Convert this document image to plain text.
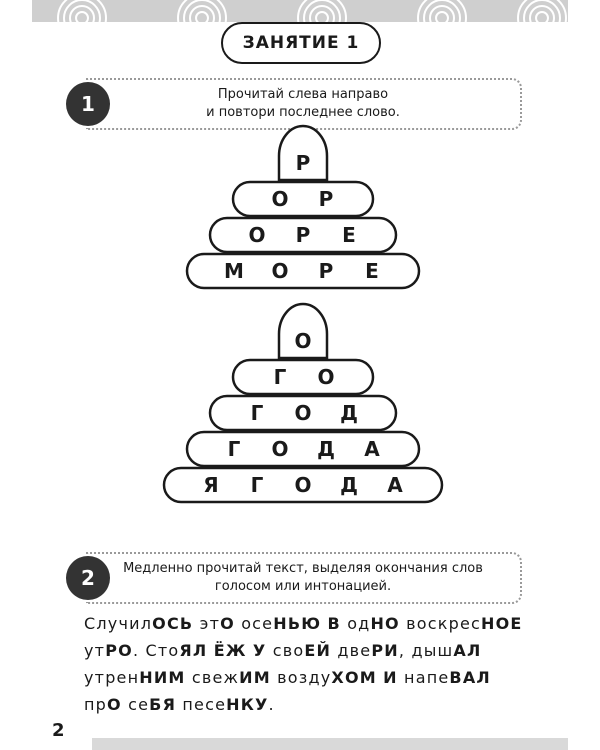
ЗАНЯТИЕ 1
Прочитай слева направо
и повтори последнее слово.
1
Р
О Р
О Р Е
М О Р Е
О
Г О
Г О Д
Г О Д А
Я Г О Д А
Медленно прочитай текст, выделяя окончания слов
голосом или интонацией.
2
СлучилОСЬ этО осеНЬЮ В одНО воскресНОЕ
утРО. СтоЯЛ ЁЖ У своЕЙ двеРИ, дышАЛ
утренНИМ свежИМ воздуХОМ И напеВАЛ
прО сеБЯ песеНКУ.
2
